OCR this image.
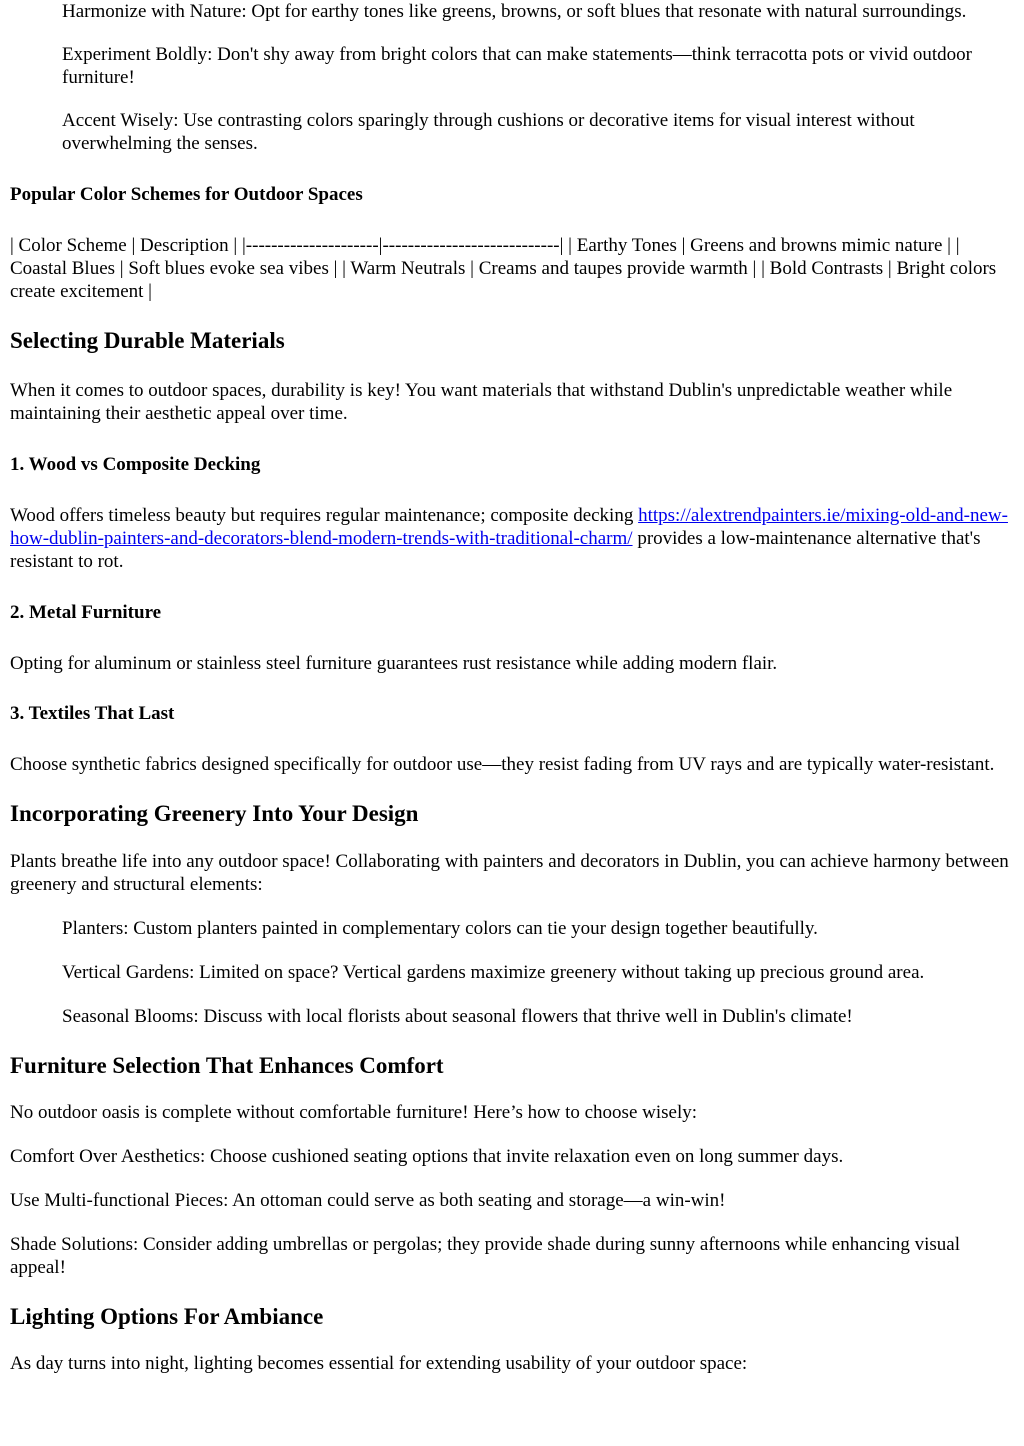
Harmonize with Nature: Opt for earthy tones like greens, browns, or soft blues that resonate with natural surroundings.

Experiment Boldly: Don't shy away from bright colors that can make statements—think terracotta pots or vivid outdoor furniture!

Accent Wisely: Use contrasting colors sparingly through cushions or decorative items for visual interest without overwhelming the senses.

Popular Color Schemes for Outdoor Spaces

| Color Scheme | Description | |---------------------|----------------------------| | Earthy Tones | Greens and browns mimic nature | | Coastal Blues | Soft blues evoke sea vibes | | Warm Neutrals | Creams and taupes provide warmth | | Bold Contrasts | Bright colors create excitement |

Selecting Durable Materials

When it comes to outdoor spaces, durability is key! You want materials that withstand Dublin's unpredictable weather while maintaining their aesthetic appeal over time.

1. Wood vs Composite Decking

Wood offers timeless beauty but requires regular maintenance; composite decking https://alextrendpainters.ie/mixing-old-and-new-how-dublin-painters-and-decorators-blend-modern-trends-with-traditional-charm/ provides a low-maintenance alternative that's resistant to rot.

2. Metal Furniture

Opting for aluminum or stainless steel furniture guarantees rust resistance while adding modern flair.

3. Textiles That Last

Choose synthetic fabrics designed specifically for outdoor use—they resist fading from UV rays and are typically water-resistant.

Incorporating Greenery Into Your Design

Plants breathe life into any outdoor space! Collaborating with painters and decorators in Dublin, you can achieve harmony between greenery and structural elements:

Planters: Custom planters painted in complementary colors can tie your design together beautifully.

Vertical Gardens: Limited on space? Vertical gardens maximize greenery without taking up precious ground area.

Seasonal Blooms: Discuss with local florists about seasonal flowers that thrive well in Dublin's climate!

Furniture Selection That Enhances Comfort

No outdoor oasis is complete without comfortable furniture! Here’s how to choose wisely:

Comfort Over Aesthetics: Choose cushioned seating options that invite relaxation even on long summer days.

Use Multi-functional Pieces: An ottoman could serve as both seating and storage—a win-win!

Shade Solutions: Consider adding umbrellas or pergolas; they provide shade during sunny afternoons while enhancing visual appeal!

Lighting Options For Ambiance

As day turns into night, lighting becomes essential for extending usability of your outdoor space:
